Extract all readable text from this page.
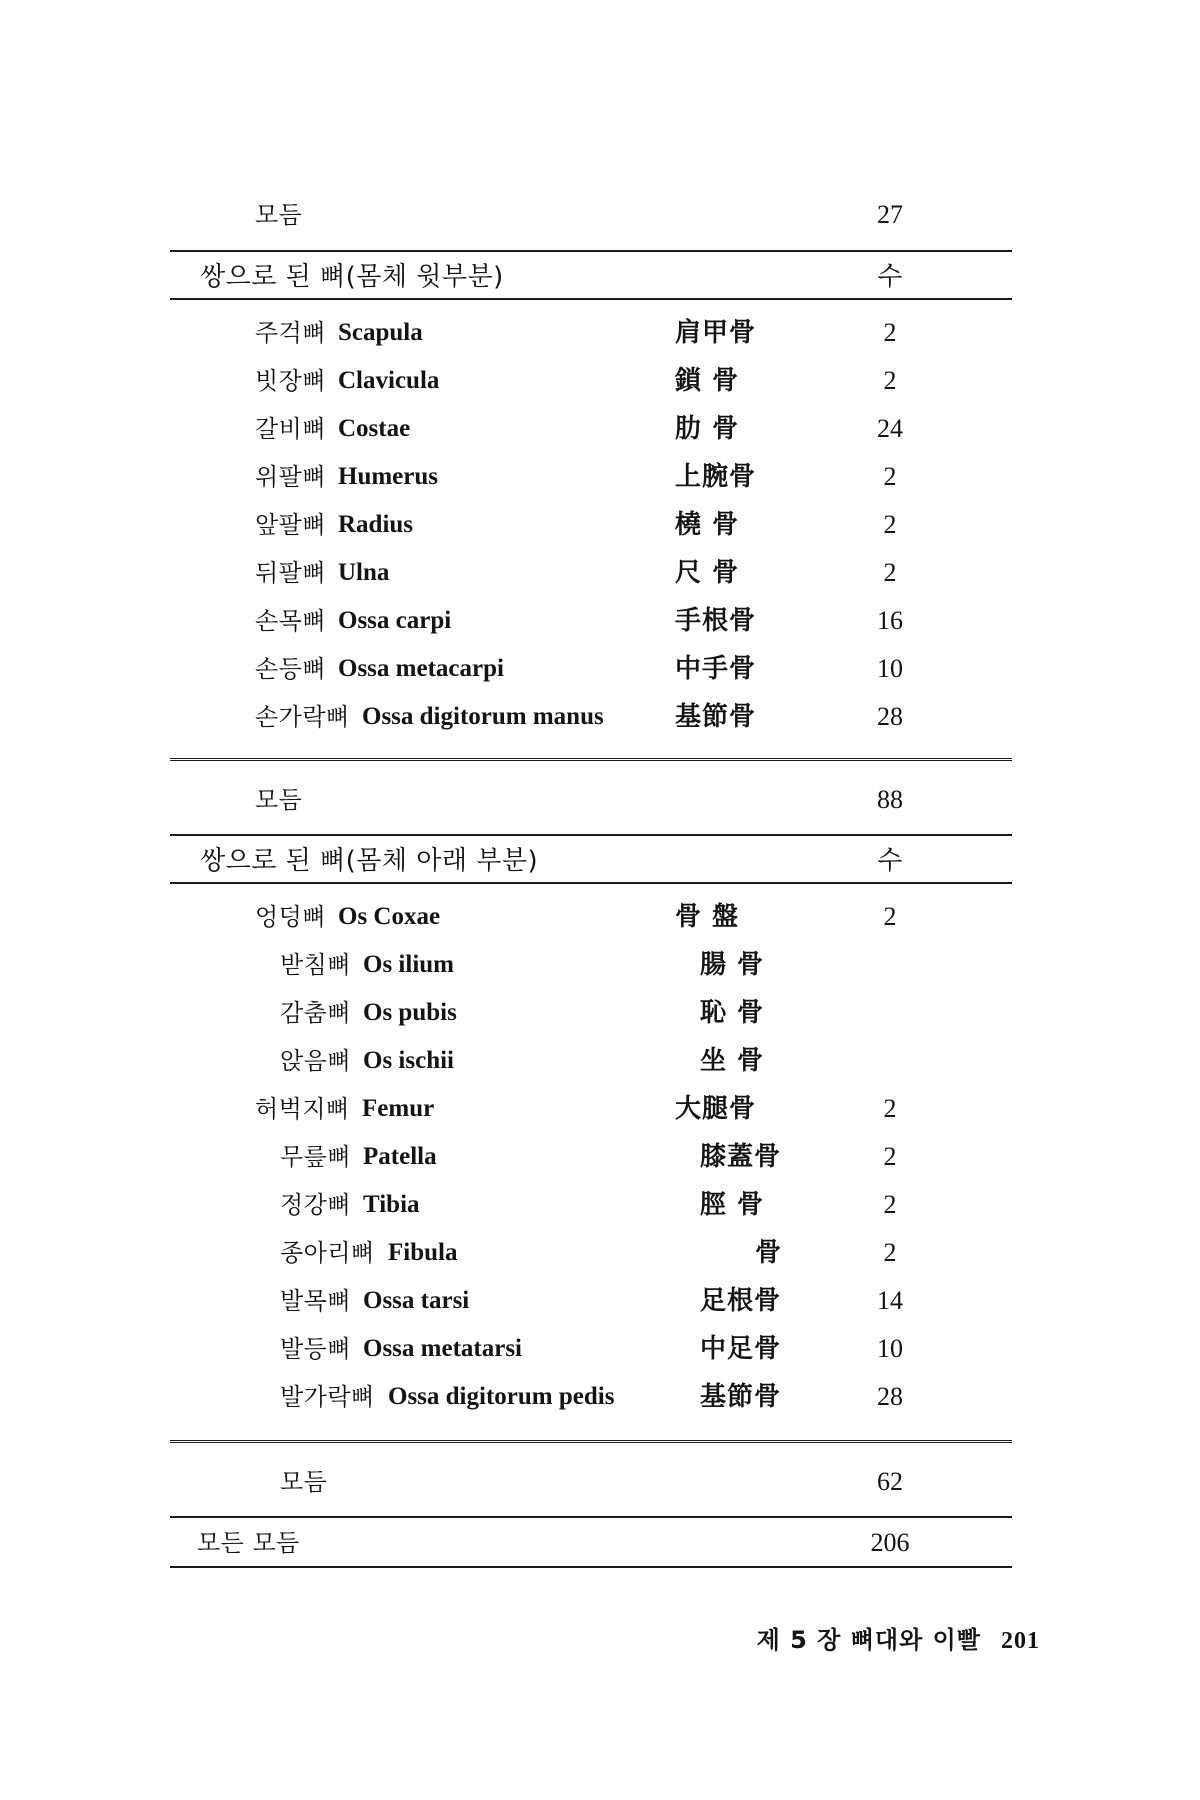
모듬	27
쌍으로 된 뼈(몸체 윗부분)	수
주걱뼈 Scapula	肩甲骨	2
빗장뼈 Clavicula	鎖 骨	2
갈비뼈 Costae	肋 骨	24
위팔뼈 Humerus	上腕骨	2
앞팔뼈 Radius	橈 骨	2
뒤팔뼈 Ulna	尺 骨	2
손목뼈 Ossa carpi	手根骨	16
손등뼈 Ossa metacarpi	中手骨	10
손가락뼈 Ossa digitorum manus	基節骨	28
모듬	88
쌍으로 된 뼈(몸체 아래 부분)	수
엉덩뼈 Os Coxae	骨 盤	2
받침뼈 Os ilium	腸 骨
감춤뼈 Os pubis	恥 骨
앉음뼈 Os ischii	坐 骨
허벅지뼈 Femur	大腿骨	2
무릎뼈 Patella	膝蓋骨	2
정강뼈 Tibia	脛 骨	2
종아리뼈 Fibula	骨	2
발목뼈 Ossa tarsi	足根骨	14
발등뼈 Ossa metatarsi	中足骨	10
발가락뼈 Ossa digitorum pedis	基節骨	28
모듬	62
모든 모듬	206
제 5 장 뼈대와 이빨 201
